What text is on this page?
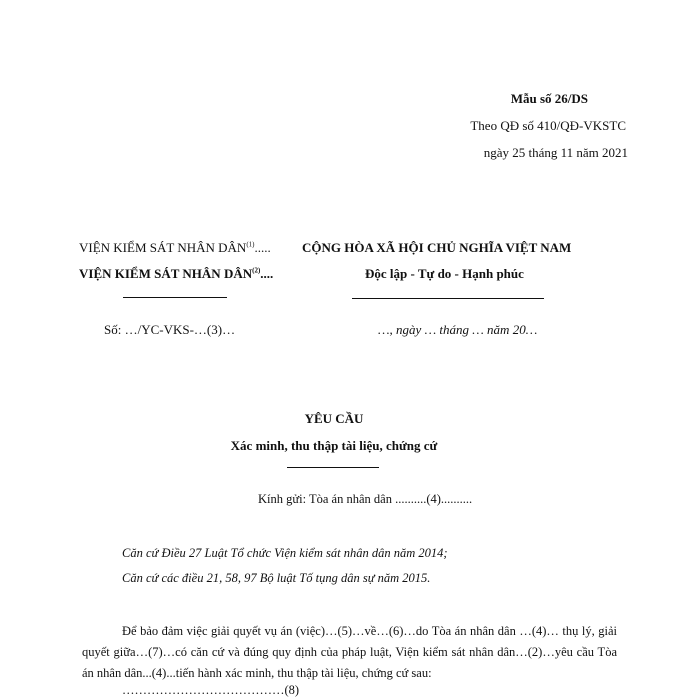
Mẫu số 26/DS
Theo QĐ số 410/QĐ-VKSTC
ngày 25 tháng 11 năm 2021
VIỆN KIỂM SÁT NHÂN DÂN$^{(1)}$.....
VIỆN KIỂM SÁT NHÂN DÂN$^{(2)}$....
Số: …/YC-VKS-…(3)…
CỘNG HÒA XÃ HỘI CHỦ NGHĨA VIỆT NAM
Độc lập - Tự do - Hạnh phúc
…, ngày … tháng … năm 20…
YÊU CẦU
Xác minh, thu thập tài liệu, chứng cứ
Kính gửi: Tòa án nhân dân ..........(4)..........
Căn cứ Điều 27 Luật Tổ chức Viện kiểm sát nhân dân năm 2014;
Căn cứ các điều 21, 58, 97 Bộ luật Tố tụng dân sự năm 2015.
Để bảo đảm việc giải quyết vụ án (việc)…(5)…về…(6)…do Tòa án nhân dân …(4)… thụ lý, giải quyết giữa…(7)…có căn cứ và đúng quy định của pháp luật, Viện kiểm sát nhân dân…(2)…yêu cầu Tòa án nhân dân...(4)...tiến hành xác minh, thu thập tài liệu, chứng cứ sau:
…………………………………(8)
